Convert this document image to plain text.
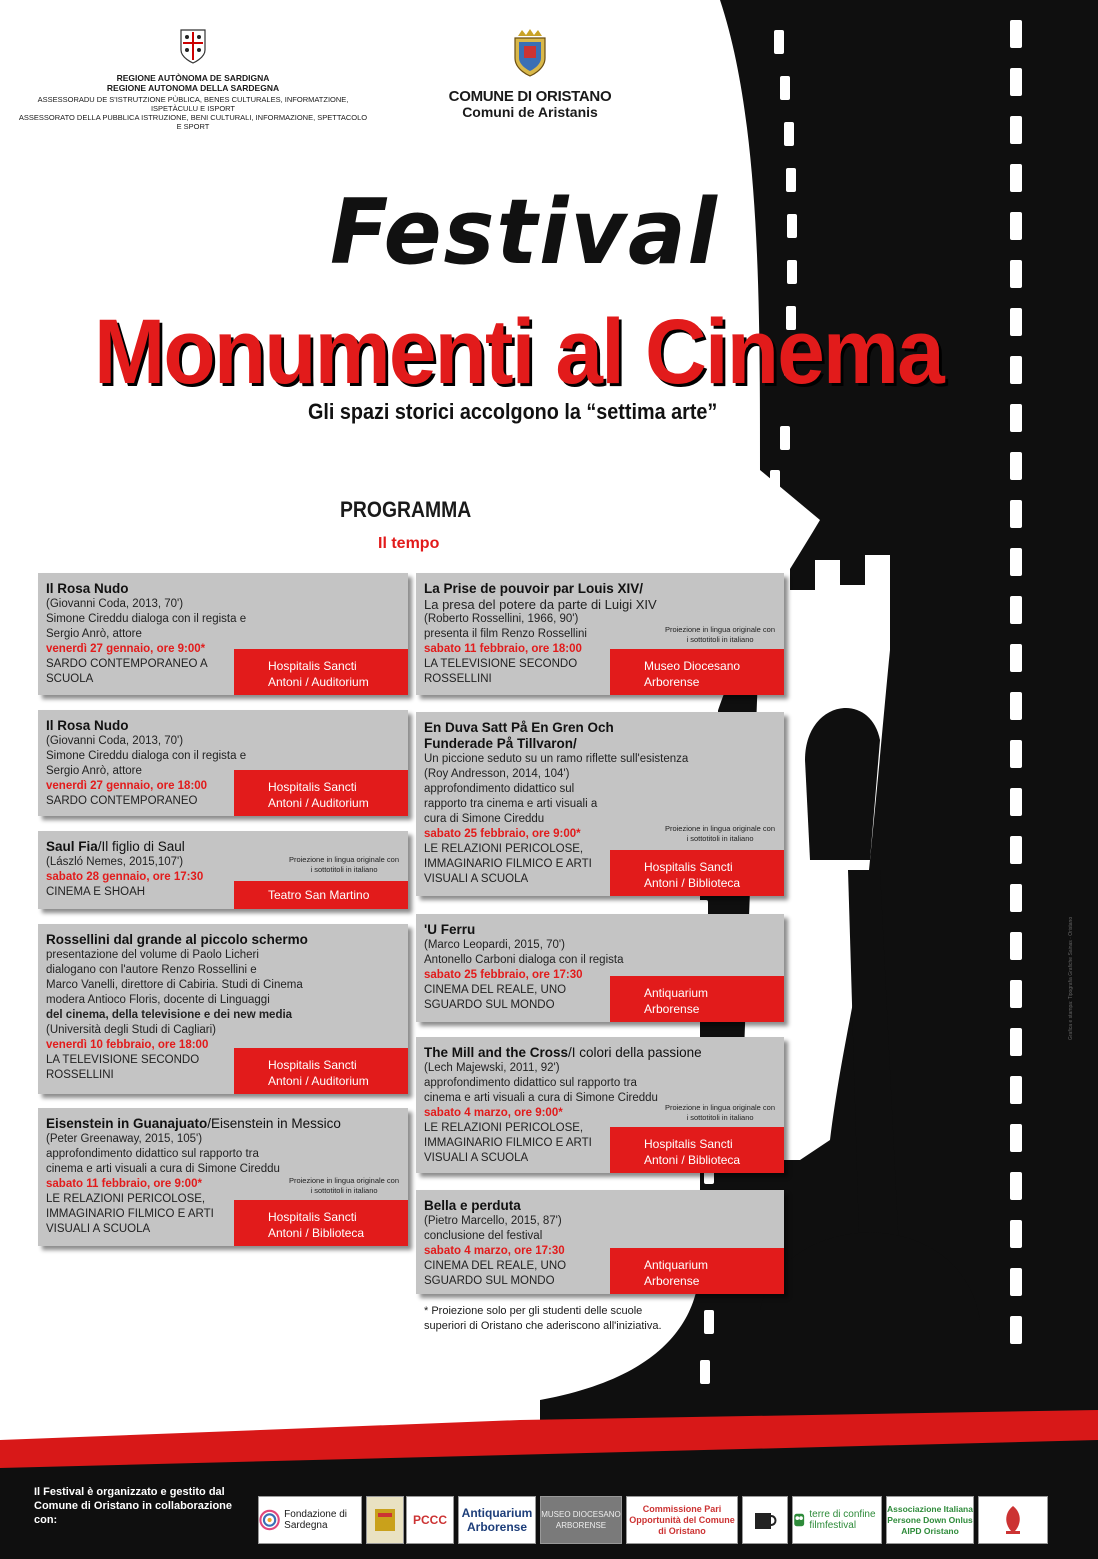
REGIONE AUTÒNOMA DE SARDIGNA
REGIONE AUTONOMA DELLA SARDEGNA
ASSESSORADU DE S'ISTRUTZIONE PÙBLICA, BENES CULTURALES, INFORMATZIONE, ISPETÀCULU E ISPORT
ASSESSORATO DELLA PUBBLICA ISTRUZIONE, BENI CULTURALI, INFORMAZIONE, SPETTACOLO E SPORT
COMUNE DI ORISTANO
Comuni de Aristanis
Festival
Monumenti al Cinema
Gli spazi storici accolgono la “settima arte”
PROGRAMMA
Il tempo
Il Rosa Nudo
(Giovanni Coda, 2013, 70')
Simone Cireddu dialoga con il regista e
Sergio Anrò, attore
venerdì 27 gennaio, ore 9:00*
SARDO CONTEMPORANEO A
SCUOLA
Hospitalis Sancti
Antoni / Auditorium
Il Rosa Nudo
(Giovanni Coda, 2013, 70')
Simone Cireddu dialoga con il regista e
Sergio Anrò, attore
venerdì 27 gennaio, ore 18:00
SARDO CONTEMPORANEO
Hospitalis Sancti
Antoni / Auditorium
Saul Fia/Il figlio di Saul
(László Nemes, 2015,107')
sabato 28 gennaio, ore 17:30
CINEMA E SHOAH
Proiezione in lingua originale con
i sottotitoli in italiano
Teatro San Martino
Rossellini dal grande al piccolo schermo
presentazione del volume di Paolo Licheri
dialogano con l'autore Renzo Rossellini e
Marco Vanelli, direttore di Cabiria. Studi di Cinema
modera Antioco Floris, docente di Linguaggi
del cinema, della televisione e dei new media
(Università degli Studi di Cagliari)
venerdì 10 febbraio, ore 18:00
LA TELEVISIONE SECONDO
ROSSELLINI
Hospitalis Sancti
Antoni / Auditorium
Eisenstein in Guanajuato/Eisenstein in Messico
(Peter Greenaway, 2015, 105')
approfondimento didattico sul rapporto tra
cinema e arti visuali a cura di Simone Cireddu
sabato 11 febbraio, ore 9:00*
LE RELAZIONI PERICOLOSE,
IMMAGINARIO FILMICO E ARTI
VISUALI A SCUOLA
Proiezione in lingua originale con
i sottotitoli in italiano
Hospitalis Sancti
Antoni / Biblioteca
La Prise de pouvoir par Louis XIV/
La presa del potere da parte di Luigi XIV
(Roberto Rossellini, 1966, 90')
presenta il film Renzo Rossellini
sabato 11 febbraio, ore 18:00
LA TELEVISIONE SECONDO
ROSSELLINI
Proiezione in lingua originale con
i sottotitoli in italiano
Museo Diocesano
Arborense
En Duva Satt På En Gren Och
Funderade På Tillvaron/
Un piccione seduto su un ramo riflette sull'esistenza
(Roy Andresson, 2014, 104')
approfondimento didattico sul
rapporto tra cinema e arti visuali a
cura di Simone Cireddu
sabato 25 febbraio, ore 9:00*
LE RELAZIONI PERICOLOSE,
IMMAGINARIO FILMICO E ARTI
VISUALI A SCUOLA
Proiezione in lingua originale con
i sottotitoli in italiano
Hospitalis Sancti
Antoni / Biblioteca
'U Ferru
(Marco Leopardi, 2015, 70')
Antonello Carboni dialoga con il regista
sabato 25 febbraio, ore 17:30
CINEMA DEL REALE, UNO
SGUARDO SUL MONDO
Antiquarium
Arborense
The Mill and the Cross/I colori della passione
(Lech Majewski, 2011, 92')
approfondimento didattico sul rapporto tra
cinema e arti visuali a cura di Simone Cireddu
sabato 4 marzo, ore 9:00*
LE RELAZIONI PERICOLOSE,
IMMAGINARIO FILMICO E ARTI
VISUALI A SCUOLA
Proiezione in lingua originale con
i sottotitoli in italiano
Hospitalis Sancti
Antoni / Biblioteca
Bella e perduta
(Pietro Marcello, 2015, 87')
conclusione del festival
sabato 4 marzo, ore 17:30
CINEMA DEL REALE, UNO
SGUARDO SUL MONDO
Antiquarium
Arborense
* Proiezione solo per gli studenti delle scuole
superiori di Oristano che aderiscono all'iniziativa.
Grafica e stampa: Tipografia Grafiche Sainas · Oristano
Il Festival è organizzato e gestito dal
Comune di Oristano in collaborazione con:	Fondazione di Sardegna	PCCC	Antiquarium Arborense
MUSEO DIOCESANO ARBORENSE
Commissione Pari Opportunità del Comune di Oristano
terre di confine filmfestival
Associazione Italiana Persone Down Onlus AIPD Oristano
